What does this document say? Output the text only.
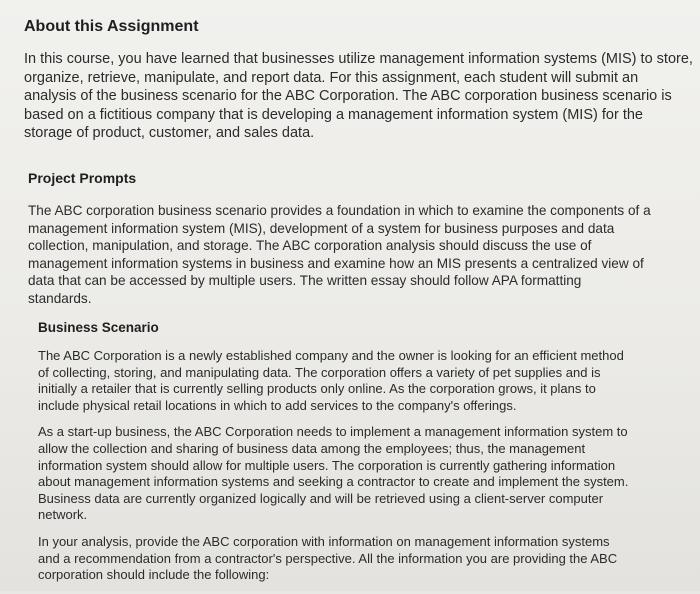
About this Assignment

In this course, you have learned that businesses utilize management information systems (MIS) to store,
organize, retrieve, manipulate, and report data. For this assignment, each student will submit an
analysis of the business scenario for the ABC Corporation. The ABC corporation business scenario is
based on a fictitious company that is developing a management information system (MIS) for the
storage of product, customer, and sales data.

Project Prompts

The ABC corporation business scenario provides a foundation in which to examine the components of a
management information system (MIS), development of a system for business purposes and data
collection, manipulation, and storage. The ABC corporation analysis should discuss the use of
management information systems in business and examine how an MIS presents a centralized view of
data that can be accessed by multiple users. The written essay should follow APA formatting
standards.

Business Scenario

The ABC Corporation is a newly established company and the owner is looking for an efficient method
of collecting, storing, and manipulating data. The corporation offers a variety of pet supplies and is
initially a retailer that is currently selling products only online. As the corporation grows, it plans to
include physical retail locations in which to add services to the company's offerings.

As a start-up business, the ABC Corporation needs to implement a management information system to
allow the collection and sharing of business data among the employees; thus, the management
information system should allow for multiple users. The corporation is currently gathering information
about management information systems and seeking a contractor to create and implement the system.
Business data are currently organized logically and will be retrieved using a client-server computer
network.

In your analysis, provide the ABC corporation with information on management information systems
and a recommendation from a contractor's perspective. All the information you are providing the ABC
corporation should include the following:
